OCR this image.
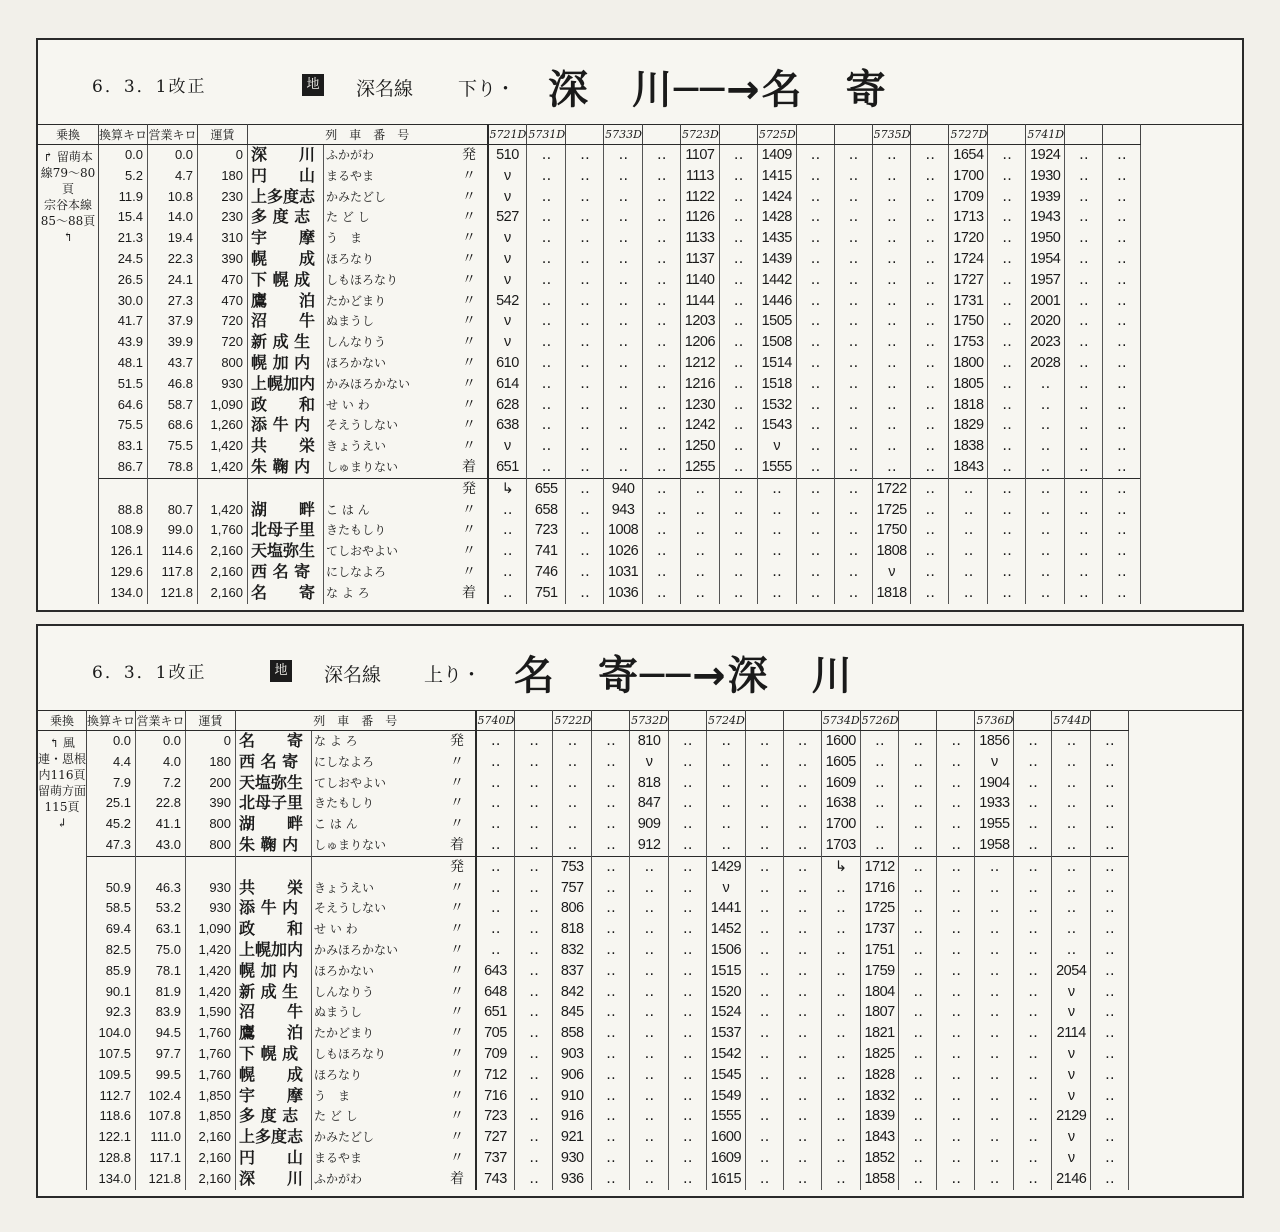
6．3．1改正	地 深名線 下り・ 深　川──→名　寄
乗換	換算キロ	営業キロ	運賃	列　車　番　号			5721D	5731D		5733D		5723D		5725D			5735D		5727D		5741D		
↱ 留萌本線79〜80頁　　　　宗谷本線85〜88頁 ↰	0.0	0.0	0	深　　川	ふかがわ	発	510	‥	‥	‥	‥	1107	‥	1409	‥	‥	‥	‥	1654	‥	1924	‥	‥
	5.2	4.7	180	円　　山	まるやま	〃	ν	‥	‥	‥	‥	1113	‥	1415	‥	‥	‥	‥	1700	‥	1930	‥	‥
	11.9	10.8	230	上多度志	かみたどし	〃	ν	‥	‥	‥	‥	1122	‥	1424	‥	‥	‥	‥	1709	‥	1939	‥	‥
	15.4	14.0	230	多 度 志	た ど し	〃	527	‥	‥	‥	‥	1126	‥	1428	‥	‥	‥	‥	1713	‥	1943	‥	‥
	21.3	19.4	310	宇　　摩	う　ま	〃	ν	‥	‥	‥	‥	1133	‥	1435	‥	‥	‥	‥	1720	‥	1950	‥	‥
	24.5	22.3	390	幌　　成	ほろなり	〃	ν	‥	‥	‥	‥	1137	‥	1439	‥	‥	‥	‥	1724	‥	1954	‥	‥
	26.5	24.1	470	下 幌 成	しもほろなり	〃	ν	‥	‥	‥	‥	1140	‥	1442	‥	‥	‥	‥	1727	‥	1957	‥	‥
	30.0	27.3	470	鷹　　泊	たかどまり	〃	542	‥	‥	‥	‥	1144	‥	1446	‥	‥	‥	‥	1731	‥	2001	‥	‥
	41.7	37.9	720	沼　　牛	ぬまうし	〃	ν	‥	‥	‥	‥	1203	‥	1505	‥	‥	‥	‥	1750	‥	2020	‥	‥
	43.9	39.9	720	新 成 生	しんなりう	〃	ν	‥	‥	‥	‥	1206	‥	1508	‥	‥	‥	‥	1753	‥	2023	‥	‥
	48.1	43.7	800	幌 加 内	ほろかない	〃	610	‥	‥	‥	‥	1212	‥	1514	‥	‥	‥	‥	1800	‥	2028	‥	‥
	51.5	46.8	930	上幌加内	かみほろかない	〃	614	‥	‥	‥	‥	1216	‥	1518	‥	‥	‥	‥	1805	‥	‥	‥	‥
	64.6	58.7	1,090	政　　和	せ い わ	〃	628	‥	‥	‥	‥	1230	‥	1532	‥	‥	‥	‥	1818	‥	‥	‥	‥
	75.5	68.6	1,260	添 牛 内	そえうしない	〃	638	‥	‥	‥	‥	1242	‥	1543	‥	‥	‥	‥	1829	‥	‥	‥	‥
	83.1	75.5	1,420	共　　栄	きょうえい	〃	ν	‥	‥	‥	‥	1250	‥	ν	‥	‥	‥	‥	1838	‥	‥	‥	‥
	86.7	78.8	1,420	朱 鞠 内	しゅまりない	着	651	‥	‥	‥	‥	1255	‥	1555	‥	‥	‥	‥	1843	‥	‥	‥	‥
						発	↳	655	‥	940	‥	‥	‥	‥	‥	‥	1722	‥	‥	‥	‥	‥	‥
	88.8	80.7	1,420	湖　　畔	こ は ん	〃	‥	658	‥	943	‥	‥	‥	‥	‥	‥	1725	‥	‥	‥	‥	‥	‥
	108.9	99.0	1,760	北母子里	きたもしり	〃	‥	723	‥	1008	‥	‥	‥	‥	‥	‥	1750	‥	‥	‥	‥	‥	‥
	126.1	114.6	2,160	天塩弥生	てしおやよい	〃	‥	741	‥	1026	‥	‥	‥	‥	‥	‥	1808	‥	‥	‥	‥	‥	‥
	129.6	117.8	2,160	西 名 寄	にしなよろ	〃	‥	746	‥	1031	‥	‥	‥	‥	‥	‥	ν	‥	‥	‥	‥	‥	‥
	134.0	121.8	2,160	名　　寄	な よ ろ	着	‥	751	‥	1036	‥	‥	‥	‥	‥	‥	1818	‥	‥	‥	‥	‥	‥
6．3．1改正	地 深名線 上り・ 名　寄──→深　川
乗換	換算キロ	営業キロ	運賃	列　車　番　号			5740D		5722D		5732D		5724D			5734D	5726D			5736D		5744D	
↰ 風連・恩根内116頁　　　留萌方面115頁 ↲	0.0	0.0	0	名　　寄	な よ ろ	発	‥	‥	‥	‥	810	‥	‥	‥	‥	1600	‥	‥	‥	1856	‥	‥	‥
	4.4	4.0	180	西 名 寄	にしなよろ	〃	‥	‥	‥	‥	ν	‥	‥	‥	‥	1605	‥	‥	‥	ν	‥	‥	‥
	7.9	7.2	200	天塩弥生	てしおやよい	〃	‥	‥	‥	‥	818	‥	‥	‥	‥	1609	‥	‥	‥	1904	‥	‥	‥
	25.1	22.8	390	北母子里	きたもしり	〃	‥	‥	‥	‥	847	‥	‥	‥	‥	1638	‥	‥	‥	1933	‥	‥	‥
	45.2	41.1	800	湖　　畔	こ は ん	〃	‥	‥	‥	‥	909	‥	‥	‥	‥	1700	‥	‥	‥	1955	‥	‥	‥
	47.3	43.0	800	朱 鞠 内	しゅまりない	着	‥	‥	‥	‥	912	‥	‥	‥	‥	1703	‥	‥	‥	1958	‥	‥	‥
						発	‥	‥	753	‥	‥	‥	1429	‥	‥	↳	1712	‥	‥	‥	‥	‥	‥
	50.9	46.3	930	共　　栄	きょうえい	〃	‥	‥	757	‥	‥	‥	ν	‥	‥	‥	1716	‥	‥	‥	‥	‥	‥
	58.5	53.2	930	添 牛 内	そえうしない	〃	‥	‥	806	‥	‥	‥	1441	‥	‥	‥	1725	‥	‥	‥	‥	‥	‥
	69.4	63.1	1,090	政　　和	せ い わ	〃	‥	‥	818	‥	‥	‥	1452	‥	‥	‥	1737	‥	‥	‥	‥	‥	‥
	82.5	75.0	1,420	上幌加内	かみほろかない	〃	‥	‥	832	‥	‥	‥	1506	‥	‥	‥	1751	‥	‥	‥	‥	‥	‥
	85.9	78.1	1,420	幌 加 内	ほろかない	〃	643	‥	837	‥	‥	‥	1515	‥	‥	‥	1759	‥	‥	‥	‥	2054	‥
	90.1	81.9	1,420	新 成 生	しんなりう	〃	648	‥	842	‥	‥	‥	1520	‥	‥	‥	1804	‥	‥	‥	‥	ν	‥
	92.3	83.9	1,590	沼　　牛	ぬまうし	〃	651	‥	845	‥	‥	‥	1524	‥	‥	‥	1807	‥	‥	‥	‥	ν	‥
	104.0	94.5	1,760	鷹　　泊	たかどまり	〃	705	‥	858	‥	‥	‥	1537	‥	‥	‥	1821	‥	‥	‥	‥	2114	‥
	107.5	97.7	1,760	下 幌 成	しもほろなり	〃	709	‥	903	‥	‥	‥	1542	‥	‥	‥	1825	‥	‥	‥	‥	ν	‥
	109.5	99.5	1,760	幌　　成	ほろなり	〃	712	‥	906	‥	‥	‥	1545	‥	‥	‥	1828	‥	‥	‥	‥	ν	‥
	112.7	102.4	1,850	宇　　摩	う　ま	〃	716	‥	910	‥	‥	‥	1549	‥	‥	‥	1832	‥	‥	‥	‥	ν	‥
	118.6	107.8	1,850	多 度 志	た ど し	〃	723	‥	916	‥	‥	‥	1555	‥	‥	‥	1839	‥	‥	‥	‥	2129	‥
	122.1	111.0	2,160	上多度志	かみたどし	〃	727	‥	921	‥	‥	‥	1600	‥	‥	‥	1843	‥	‥	‥	‥	ν	‥
	128.8	117.1	2,160	円　　山	まるやま	〃	737	‥	930	‥	‥	‥	1609	‥	‥	‥	1852	‥	‥	‥	‥	ν	‥
	134.0	121.8	2,160	深　　川	ふかがわ	着	743	‥	936	‥	‥	‥	1615	‥	‥	‥	1858	‥	‥	‥	‥	2146	‥
